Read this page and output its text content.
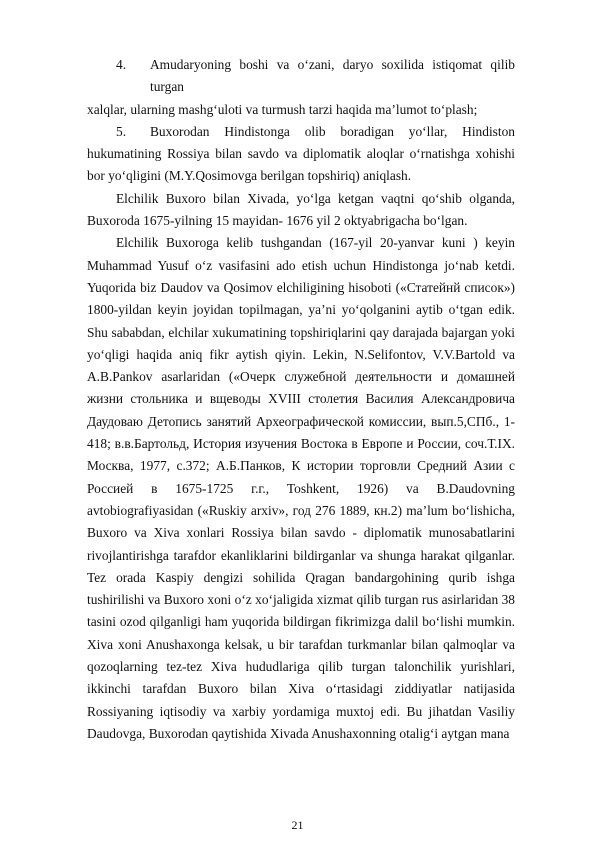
4.	Amudaryoning boshi va o‘zani, daryo soxilida istiqomat qilib turgan

xalqlar, ularning mashg‘uloti va turmush tarzi haqida ma’lumot to‘plash;

5.	Buxorodan Hindistonga olib boradigan yo‘llar, Hindiston

hukumatining Rossiya bilan savdo va diplomatik aloqlar o‘rnatishga xohishi bor yo‘qligini (M.Y.Qosimovga berilgan topshiriq) aniqlash.

Elchilik Buxoro bilan Xivada, yo‘lga ketgan vaqtni qo‘shib olganda, Buxoroda 1675-yilning 15 mayidan- 1676 yil 2 oktyabrigacha bo‘lgan.

Elchilik Buxoroga kelib tushgandan (167-yil 20-yanvar kuni ) keyin Muhammad Yusuf o‘z vasifasini ado etish uchun Hindistonga jo‘nab ketdi. Yuqorida biz Daudov va Qosimov elchiligining hisoboti («Статейнй список») 1800-yildan keyin joyidan topilmagan, ya’ni yo‘qolganini aytib o‘tgan edik. Shu sababdan, elchilar xukumatining topshiriqlarini qay darajada bajargan yoki yo‘qligi haqida aniq fikr aytish qiyin. Lekin, N.Selifontov, V.V.Bartold va A.B.Pankov asarlaridan («Очерк служебной деятельности и домашней жизни стольника и вщеводы XVIII столетия Василия Александровича Даудоваю Детопись занятий Археографической комиссии, вып.5,СПб., 1-418; в.в.Бартольд, История изучения Востока в Европе и России, соч.Т.IX. Москва, 1977, с.372; А.Б.Панков, К истории торговли Средний Азии с Россией в 1675-1725 г.г., Toshkent, 1926) va B.Daudovning avtobiografiyasidan («Ruskiy arxiv», год 276 1889, кн.2) ma’lum bo‘lishicha, Buxoro va Xiva xonlari Rossiya bilan savdo - diplomatik munosabatlarini rivojlantirishga tarafdor ekanliklarini bildirganlar va shunga harakat qilganlar. Tez orada Kaspiy dengizi sohilida Qragan bandargohining qurib ishga tushirilishi va Buxoro xoni o‘z xo‘jaligida xizmat qilib turgan rus asirlaridan 38 tasini ozod qilganligi ham yuqorida bildirgan fikrimizga dalil bo‘lishi mumkin. Xiva xoni Anushaxonga kelsak, u bir tarafdan turkmanlar bilan qalmoqlar va qozoqlarning tez-tez Xiva hududlariga qilib turgan talonchilik yurishlari, ikkinchi tarafdan Buxoro bilan Xiva o‘rtasidagi ziddiyatlar natijasida Rossiyaning iqtisodiy va xarbiy yordamiga muxtoj edi. Bu jihatdan Vasiliy Daudovga, Buxorodan qaytishida Xivada Anushaxonning otalig‘i aytgan mana

21
